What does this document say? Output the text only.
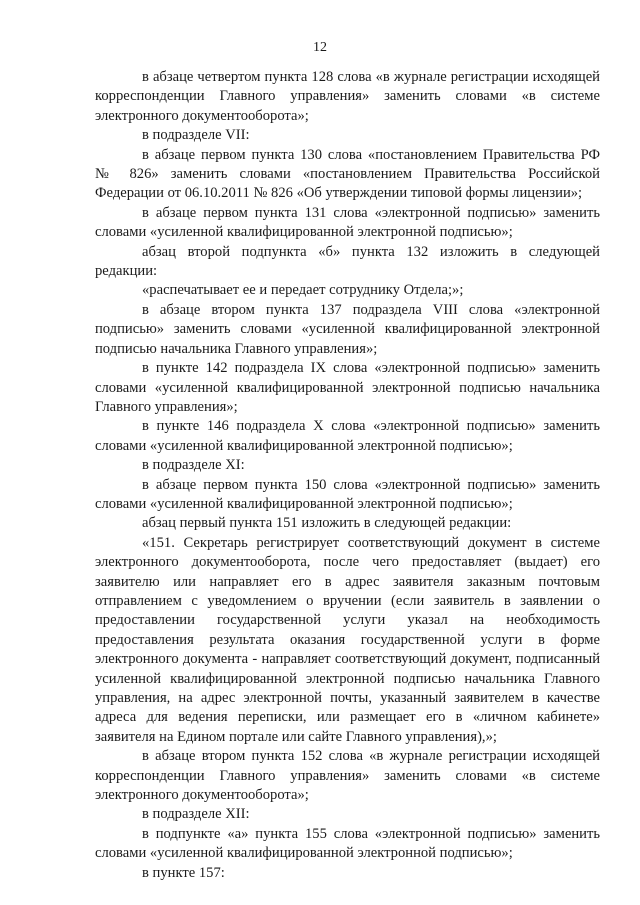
12

в абзаце четвертом пункта 128 слова «в журнале регистрации исходящей корреспонденции Главного управления» заменить словами «в системе электронного документооборота»;

в подразделе VII:

в абзаце первом пункта 130 слова «постановлением Правительства РФ № 826» заменить словами «постановлением Правительства Российской Федерации от 06.10.2011 № 826 «Об утверждении типовой формы лицензии»;

в абзаце первом пункта 131 слова «электронной подписью» заменить словами «усиленной квалифицированной электронной подписью»;

абзац второй подпункта «б» пункта 132 изложить в следующей редакции:

«распечатывает ее и передает сотруднику Отдела;»;

в абзаце втором пункта 137 подраздела VIII слова «электронной подписью» заменить словами «усиленной квалифицированной электронной подписью начальника Главного управления»;

в пункте 142 подраздела IX слова «электронной подписью» заменить словами «усиленной квалифицированной электронной подписью начальника Главного управления»;

в пункте 146 подраздела X слова «электронной подписью» заменить словами «усиленной квалифицированной электронной подписью»;

в подразделе XI:

в абзаце первом пункта 150 слова «электронной подписью» заменить словами «усиленной квалифицированной электронной подписью»;

абзац первый пункта 151 изложить в следующей редакции:

«151. Секретарь регистрирует соответствующий документ в системе электронного документооборота, после чего предоставляет (выдает) его заявителю или направляет его в адрес заявителя заказным почтовым отправлением с уведомлением о вручении (если заявитель в заявлении о предоставлении государственной услуги указал на необходимость предоставления результата оказания государственной услуги в форме электронного документа - направляет соответствующий документ, подписанный усиленной квалифицированной электронной подписью начальника Главного управления, на адрес электронной почты, указанный заявителем в качестве адреса для ведения переписки, или размещает его в «личном кабинете» заявителя на Едином портале или сайте Главного управления),»;

в абзаце втором пункта 152 слова «в журнале регистрации исходящей корреспонденции Главного управления» заменить словами «в системе электронного документооборота»;

в подразделе XII:

в подпункте «а» пункта 155 слова «электронной подписью» заменить словами «усиленной квалифицированной электронной подписью»;

в пункте 157:
